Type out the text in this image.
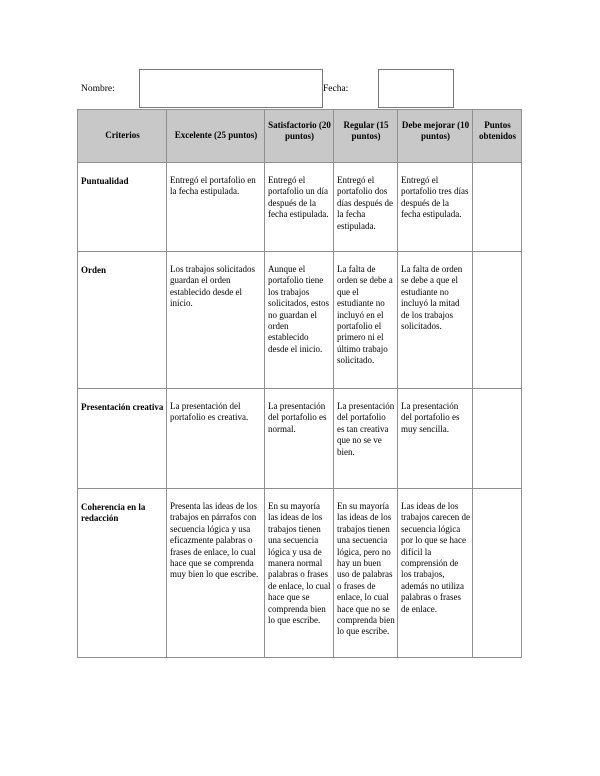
Nombre:	Fecha:
Criterios	Excelente (25 puntos)	Satisfactorio (20 puntos)	Regular (15 puntos)	Debe mejorar (10 puntos)	Puntos obtenidos
Puntualidad	Entregó el portafolio en la fecha estipulada.	Entregó el portafolio un día después de la fecha estipulada.	Entregó el portafolio dos días después de la fecha estipulada.	Entregó el portafolio tres días después de la fecha estipulada.	
Orden	Los trabajos solicitados guardan el orden establecido desde el inicio.	Aunque el portafolio tiene los trabajos solicitados, estos no guardan el orden establecido desde el inicio.	La falta de orden se debe a que el estudiante no incluyó en el portafolio el primero ni el último trabajo solicitado.	La falta de orden se debe a que el estudiante no incluyó la mitad de los trabajos solicitados.	
Presentación creativa	La presentación del portafolio es creativa.	La presentación del portafolio es normal.	La presentación del portafolio es tan creativa que no se ve bien.	La presentación del portafolio es muy sencilla.	
Coherencia en la redacción	Presenta las ideas de los trabajos en párrafos con secuencia lógica y usa eficazmente palabras o frases de enlace, lo cual hace que se comprenda muy bien lo que escribe.	En su mayoría las ideas de los trabajos tienen una secuencia lógica y usa de manera normal palabras o frases de enlace, lo cual hace que se comprenda bien lo que escribe.	En su mayoría las ideas de los trabajos tienen una secuencia lógica, pero no hay un buen uso de palabras o frases de enlace, lo cual hace que no se comprenda bien lo que escribe.	Las ideas de los trabajos carecen de secuencia lógica por lo que se hace difícil la comprensión de los trabajos, además no utiliza palabras o frases de enlace.	
